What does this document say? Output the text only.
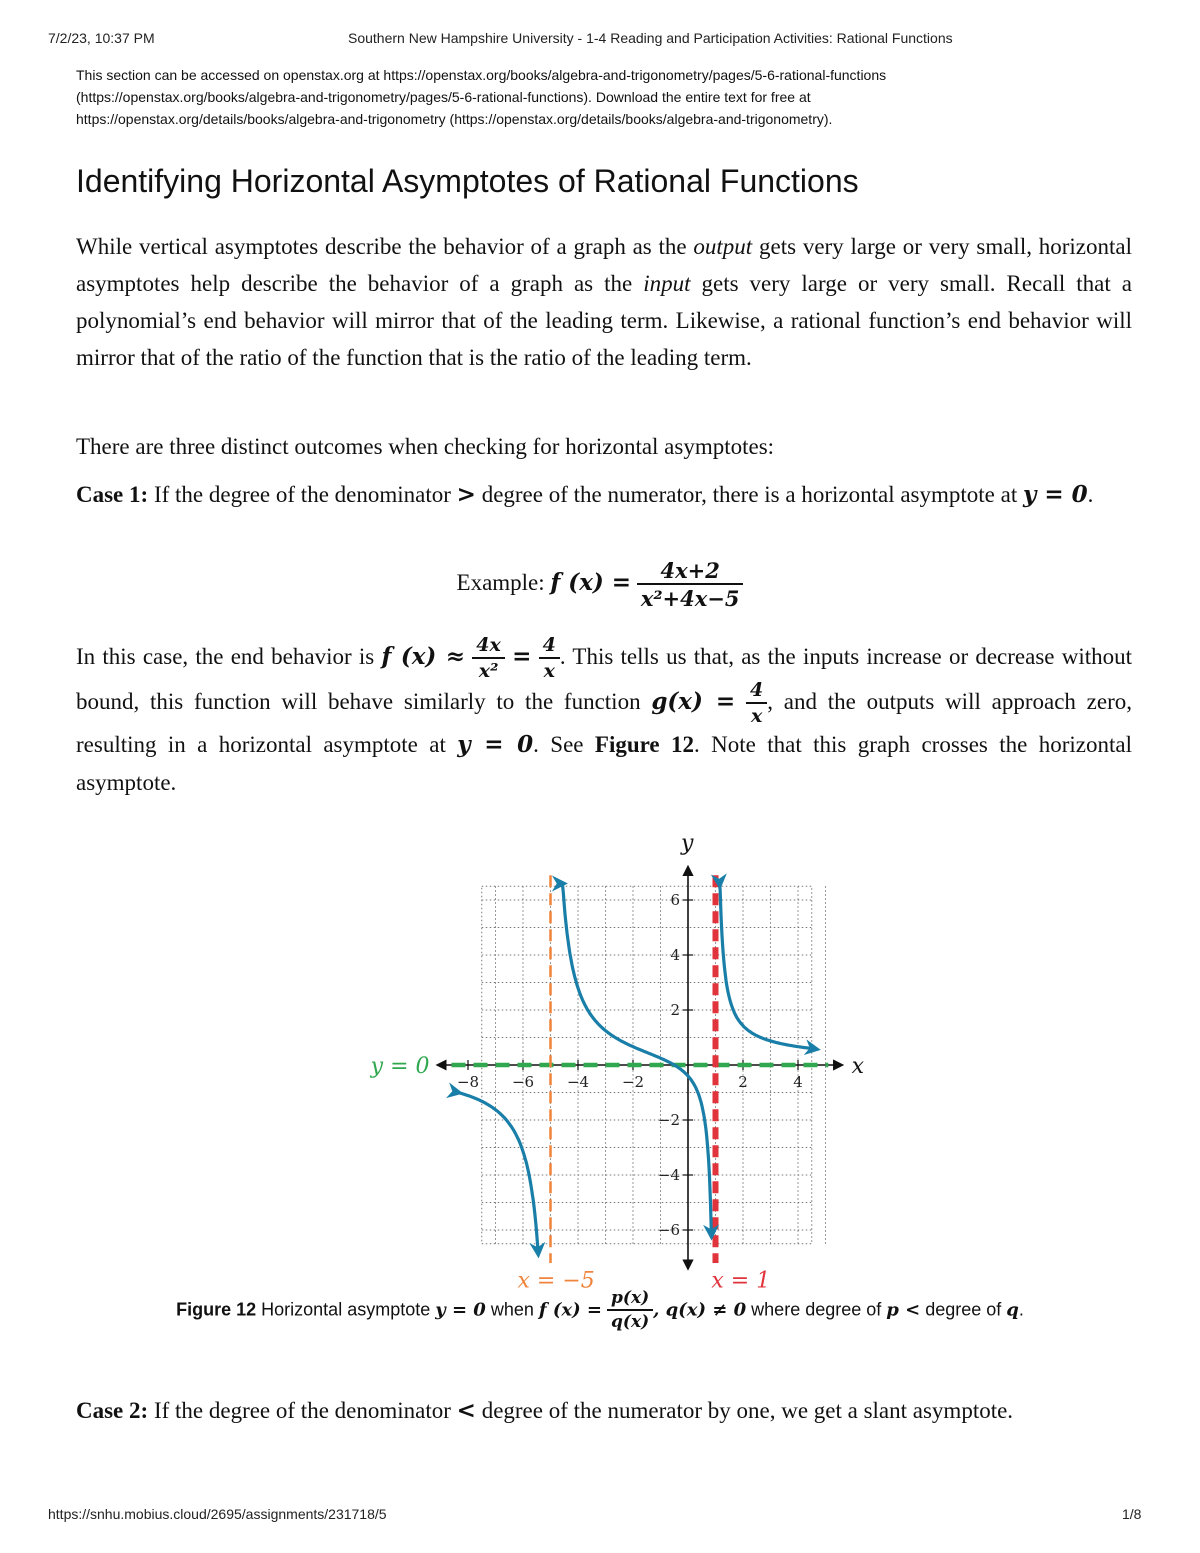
7/2/23, 10:37 PM	Southern New Hampshire University - 1-4 Reading and Participation Activities: Rational Functions
This section can be accessed on openstax.org at https://openstax.org/books/algebra-and-trigonometry/pages/5-6-rational-functions
(https://openstax.org/books/algebra-and-trigonometry/pages/5-6-rational-functions). Download the entire text for free at
https://openstax.org/details/books/algebra-and-trigonometry (https://openstax.org/details/books/algebra-and-trigonometry).
Identifying Horizontal Asymptotes of Rational Functions
While vertical asymptotes describe the behavior of a graph as the output gets very large or very small, horizontal asymptotes help describe the behavior of a graph as the input gets very large or very small. Recall that a polynomial’s end behavior will mirror that of the leading term. Likewise, a rational function’s end behavior will mirror that of the ratio of the function that is the ratio of the leading term.
There are three distinct outcomes when checking for horizontal asymptotes:
Case 1: If the degree of the denominator > degree of the numerator, there is a horizontal asymptote at y = 0.
Example: f $(x) = \frac{4x+2}{\text{x²+4x−5}}$
In this case, the end behavior is f $(x) \approx \frac{4x}{\text{x²}} = \frac{4}{x}$ . This tells us that, as the inputs increase or decrease without bound, this function will behave similarly to the function $g(x) = \frac{4}{x}$ , and the outputs will approach zero, resulting in a horizontal asymptote at y = 0. See Figure 12. Note that this graph crosses the horizontal asymptote.
−8 −6 −4 −2	2	4
6
4
2
−2
−4
−6
x
y
y = 0
x = −5	x = 1
Figure 12 Horizontal asymptote y = 0 when f $(x) = \frac{p(x)}{q(x)}$ , q(x) ≠ 0 where degree of p < degree of q.
Case 2: If the degree of the denominator < degree of the numerator by one, we get a slant asymptote.
https://snhu.mobius.cloud/2695/assignments/231718/5	1/8
